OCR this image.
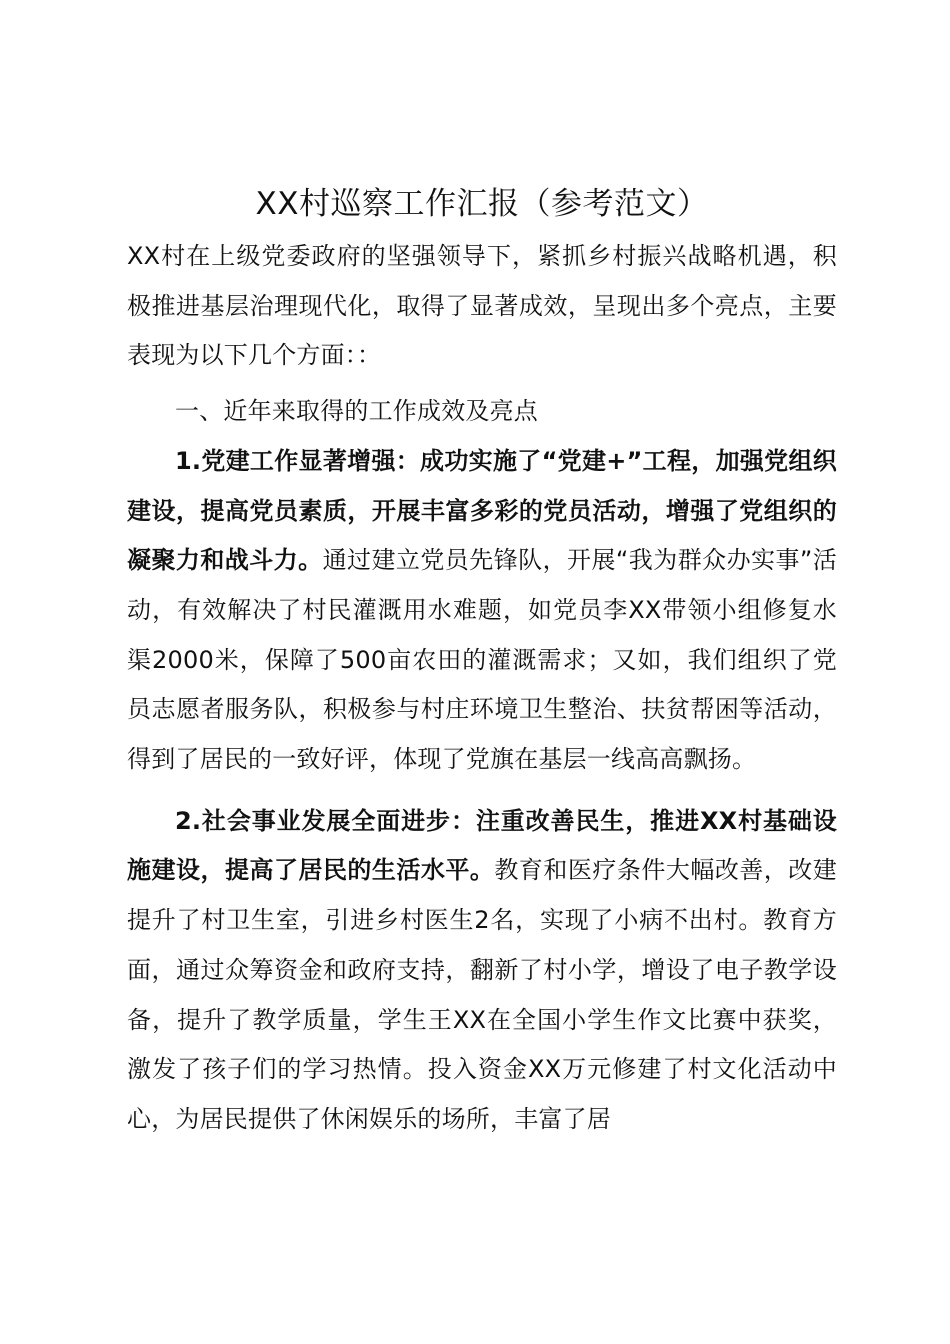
XX村巡察工作汇报（参考范文）

XX村在上级党委政府的坚强领导下，紧抓乡村振兴战略机遇，积极推进基层治理现代化，取得了显著成效，呈现出多个亮点，主要表现为以下几个方面：：

一、近年来取得的工作成效及亮点

1.党建工作显著增强：成功实施了“党建+”工程，加强党组织建设，提高党员素质，开展丰富多彩的党员活动，增强了党组织的凝聚力和战斗力。通过建立党员先锋队，开展“我为群众办实事”活动，有效解决了村民灌溉用水难题，如党员李XX带领小组修复水渠2000米，保障了500亩农田的灌溉需求；又如，我们组织了党员志愿者服务队，积极参与村庄环境卫生整治、扶贫帮困等活动，得到了居民的一致好评，体现了党旗在基层一线高高飘扬。

2.社会事业发展全面进步：注重改善民生，推进XX村基础设施建设，提高了居民的生活水平。教育和医疗条件大幅改善，改建提升了村卫生室，引进乡村医生2名，实现了小病不出村。教育方面，通过众筹资金和政府支持，翻新了村小学，增设了电子教学设备，提升了教学质量，学生王XX在全国小学生作文比赛中获奖，激发了孩子们的学习热情。投入资金XX万元修建了村文化活动中心，为居民提供了休闲娱乐的场所，丰富了居
